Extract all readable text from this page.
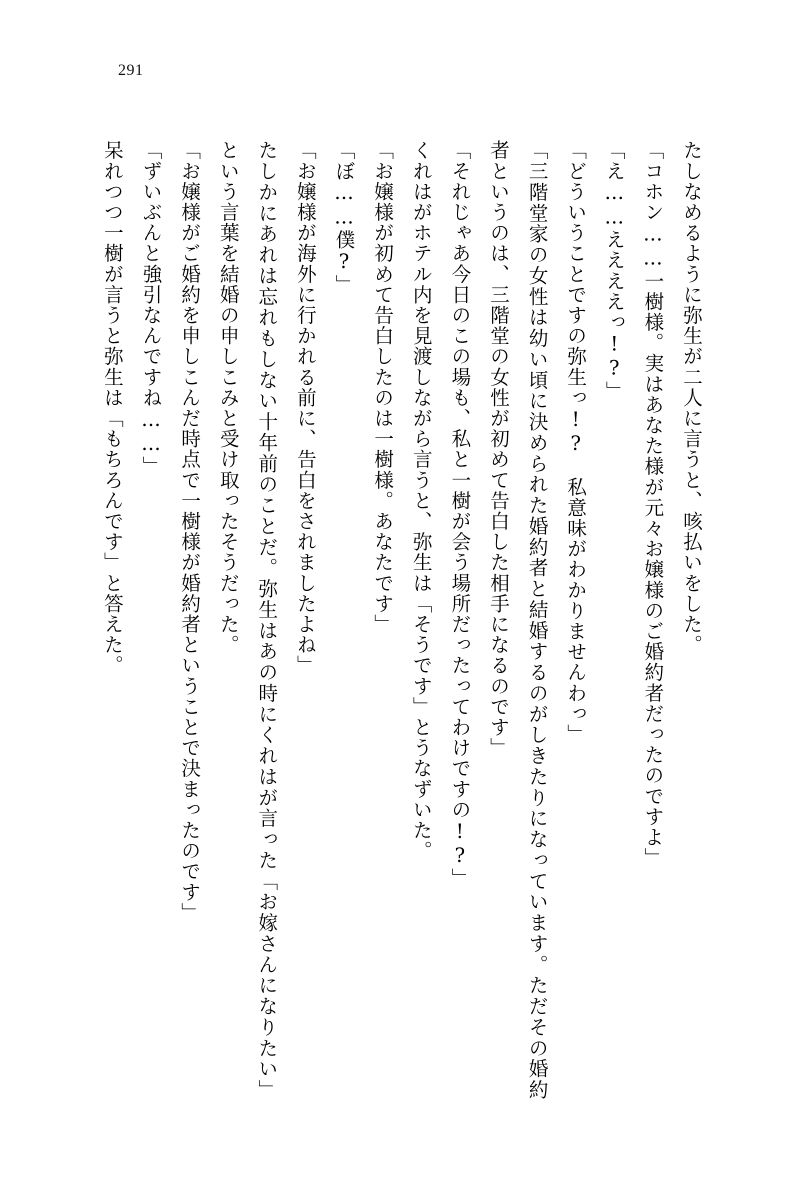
291

たしなめるように弥生が二人に言うと、咳払いをした。

「コホン……一樹様。実はあなた様が元々お嬢様のご婚約者だったのですよ」

「え……ええええっ!?」

「どういうことですの弥生っ!?　私意味がわかりませんわっ」

「三階堂家の女性は幼い頃に決められた婚約者と結婚するのがしきたりになっています。ただその婚約者というのは、三階堂の女性が初めて告白した相手になるのです」

「それじゃあ今日のこの場も、私と一樹が会う場所だったってわけですの!?」

くれはがホテル内を見渡しながら言うと、弥生は「そうです」とうなずいた。

「お嬢様が初めて告白したのは一樹様。あなたです」

「ぼ……僕?」

「お嬢様が海外に行かれる前に、告白をされましたよね」

たしかにあれは忘れもしない十年前のことだ。弥生はあの時にくれはが言った「お嫁さんになりたい」という言葉を結婚の申しこみと受け取ったそうだった。

「お嬢様がご婚約を申しこんだ時点で一樹様が婚約者ということで決まったのです」

「ずいぶんと強引なんですね……」

呆れつつ一樹が言うと弥生は「もちろんです」と答えた。
